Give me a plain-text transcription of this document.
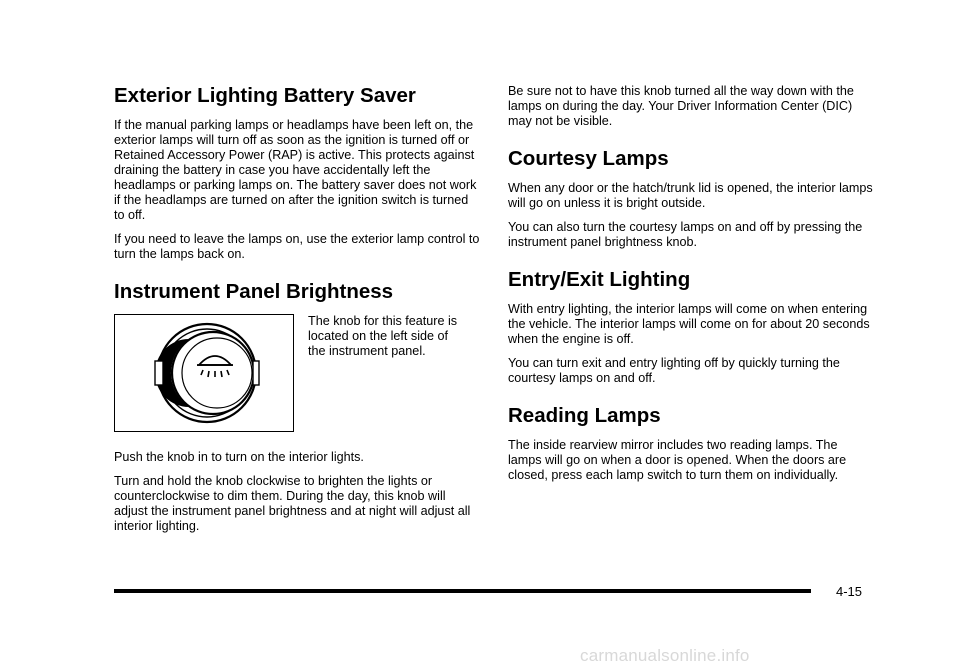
Exterior Lighting Battery Saver

If the manual parking lamps or headlamps have been left on, the exterior lamps will turn off as soon as the ignition is turned off or Retained Accessory Power (RAP) is active. This protects against draining the battery in case you have accidentally left the headlamps or parking lamps on. The battery saver does not work if the headlamps are turned on after the ignition switch is turned to off.

If you need to leave the lamps on, use the exterior lamp control to turn the lamps back on.

Instrument Panel Brightness
The knob for this feature is located on the left side of the instrument panel.

Push the knob in to turn on the interior lights.

Turn and hold the knob clockwise to brighten the lights or counterclockwise to dim them. During the day, this knob will adjust the instrument panel brightness and at night will adjust all interior lighting.

Be sure not to have this knob turned all the way down with the lamps on during the day. Your Driver Information Center (DIC) may not be visible.

Courtesy Lamps

When any door or the hatch/trunk lid is opened, the interior lamps will go on unless it is bright outside.

You can also turn the courtesy lamps on and off by pressing the instrument panel brightness knob.

Entry/Exit Lighting

With entry lighting, the interior lamps will come on when entering the vehicle. The interior lamps will come on for about 20 seconds when the engine is off.

You can turn exit and entry lighting off by quickly turning the courtesy lamps on and off.

Reading Lamps

The inside rearview mirror includes two reading lamps. The lamps will go on when a door is opened. When the doors are closed, press each lamp switch to turn them on individually.

4-15
carmanualsonline.info
